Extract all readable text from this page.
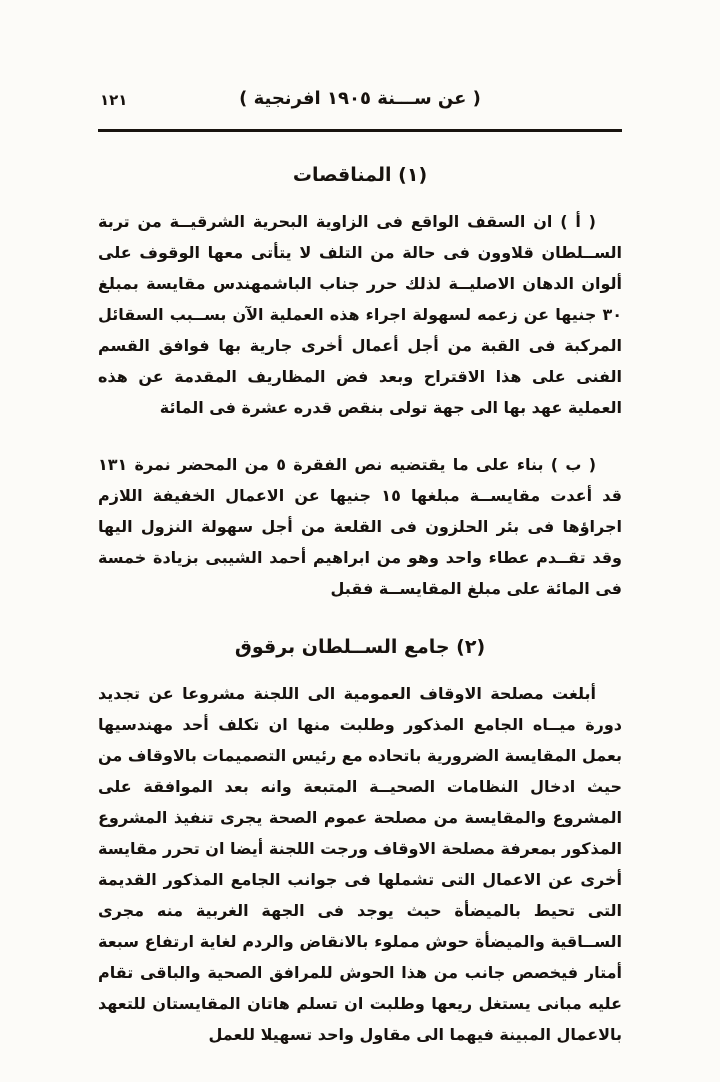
١٢١	( عن ســـنة ١٩٠٥ افرنجية )
(١) المناقصات

( أ ) ان السقف الواقع فى الزاوية البحرية الشرقيــة من تربة الســلطان قلاوون فى حالة من التلف لا يتأتى معها الوقوف على ألوان الدهان الاصليــة لذلك حرر جناب الباشمهندس مقايسة بمبلغ ٣٠ جنيها عن زعمه لسهولة اجراء هذه العملية الآن بســبب السقائل المركبة فى القبة من أجل أعمال أخرى جارية بها فوافق القسم الفنى على هذا الاقتراح وبعد فض المظاريف المقدمة عن هذه العملية عهد بها الى جهة تولى بنقص قدره عشرة فى المائة

( ب ) بناء على ما يقتضيه نص الفقرة ٥ من المحضر نمرة ١٣١ قد أعدت مقايســة مبلغها ١٥ جنيها عن الاعمال الخفيفة اللازم اجراؤها فى بئر الحلزون فى القلعة من أجل سهولة النزول اليها وقد تقــدم عطاء واحد وهو من ابراهيم أحمد الشيبى بزيادة خمسة فى المائة على مبلغ المقايســة فقبل

(٢) جامع الســلطان برقوق

أبلغت مصلحة الاوقاف العمومية الى اللجنة مشروعا عن تجديد دورة ميــاه الجامع المذكور وطلبت منها ان تكلف أحد مهندسيها بعمل المقايسة الضرورية باتحاده مع رئيس التصميمات بالاوقاف من حيث ادخال النظامات الصحيــة المتبعة وانه بعد الموافقة على المشروع والمقايسة من مصلحة عموم الصحة يجرى تنفيذ المشروع المذكور بمعرفة مصلحة الاوقاف ورجت اللجنة أيضا ان تحرر مقايسة أخرى عن الاعمال التى تشملها فى جوانب الجامع المذكور القديمة التى تحيط بالميضأة حيث يوجد فى الجهة الغربية منه مجرى الســاقية والميضأة حوش مملوء بالانقاض والردم لغاية ارتفاع سبعة أمتار فيخصص جانب من هذا الحوش للمرافق الصحية والباقى تقام عليه مبانى يستغل ريعها وطلبت ان تسلم هاتان المقايستان للتعهد بالاعمال المبينة فيهما الى مقاول واحد تسهيلا للعمل
